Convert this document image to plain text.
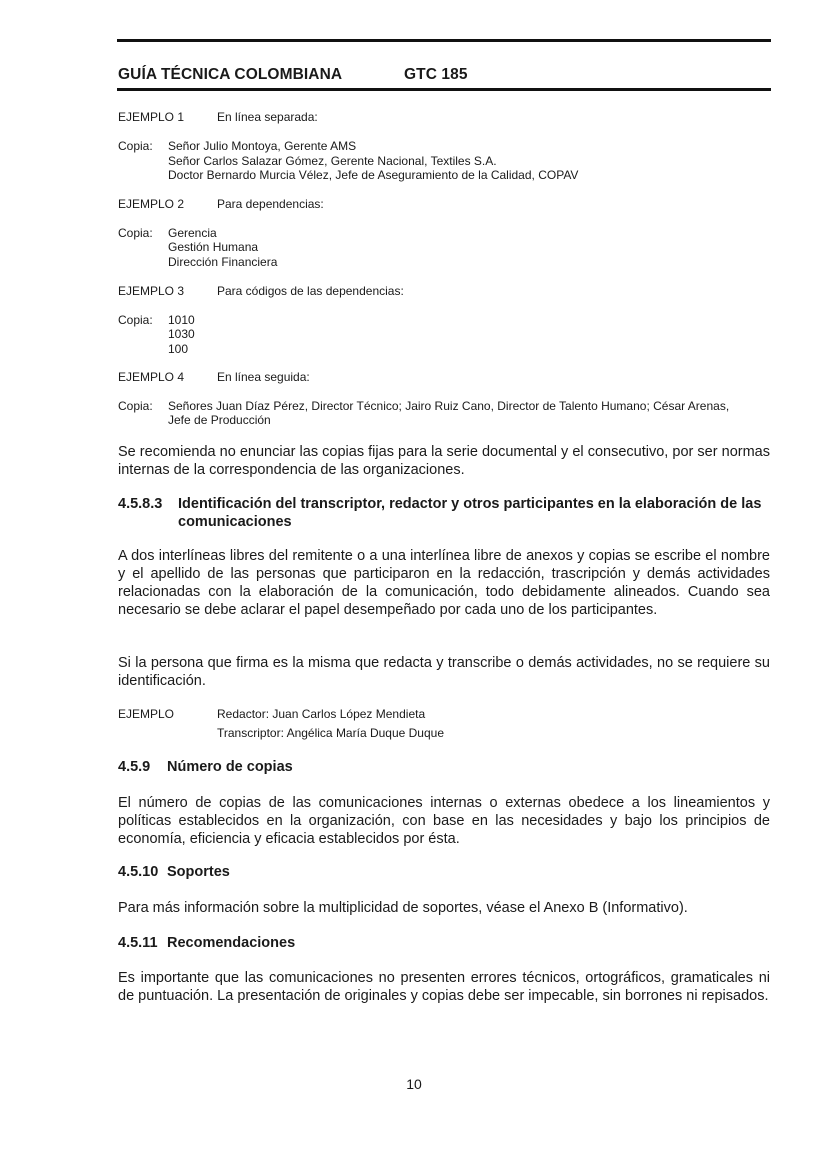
GUÍA TÉCNICA COLOMBIANA	GTC 185
EJEMPLO 1	En línea separada:
Copia: Señor Julio Montoya, Gerente AMS
Señor Carlos Salazar Gómez, Gerente Nacional, Textiles S.A.
Doctor Bernardo Murcia Vélez, Jefe de Aseguramiento de la Calidad, COPAV
EJEMPLO 2	Para dependencias:
Copia: Gerencia
Gestión Humana
Dirección Financiera
EJEMPLO 3	Para códigos de las dependencias:
Copia: 1010
1030
100
EJEMPLO 4	En línea seguida:
Copia: Señores Juan Díaz Pérez, Director Técnico; Jairo Ruiz Cano, Director de Talento Humano; César Arenas,
Jefe de Producción

Se recomienda no enunciar las copias fijas para la serie documental y el consecutivo, por ser normas internas de la correspondencia de las organizaciones.

4.5.8.3 Identificación del transcriptor, redactor y otros participantes en la elaboración de las comunicaciones

A dos interlíneas libres del remitente o a una interlínea libre de anexos y copias se escribe el nombre y el apellido de las personas que participaron en la redacción, trascripción y demás actividades relacionadas con la elaboración de la comunicación, todo debidamente alineados. Cuando sea necesario se debe aclarar el papel desempeñado por cada uno de los participantes.

Si la persona que firma es la misma que redacta y transcribe o demás actividades, no se requiere su identificación.

EJEMPLO	Redactor: Juan Carlos López Mendieta
Transcriptor: Angélica María Duque Duque
4.5.9 Número de copias

El número de copias de las comunicaciones internas o externas obedece a los lineamientos y políticas establecidos en la organización, con base en las necesidades y bajo los principios de economía, eficiencia y eficacia establecidos por ésta.

4.5.10 Soportes

Para más información sobre la multiplicidad de soportes, véase el Anexo B (Informativo).

4.5.11 Recomendaciones

Es importante que las comunicaciones no presenten errores técnicos, ortográficos, gramaticales ni de puntuación. La presentación de originales y copias debe ser impecable, sin borrones ni repisados.

10
